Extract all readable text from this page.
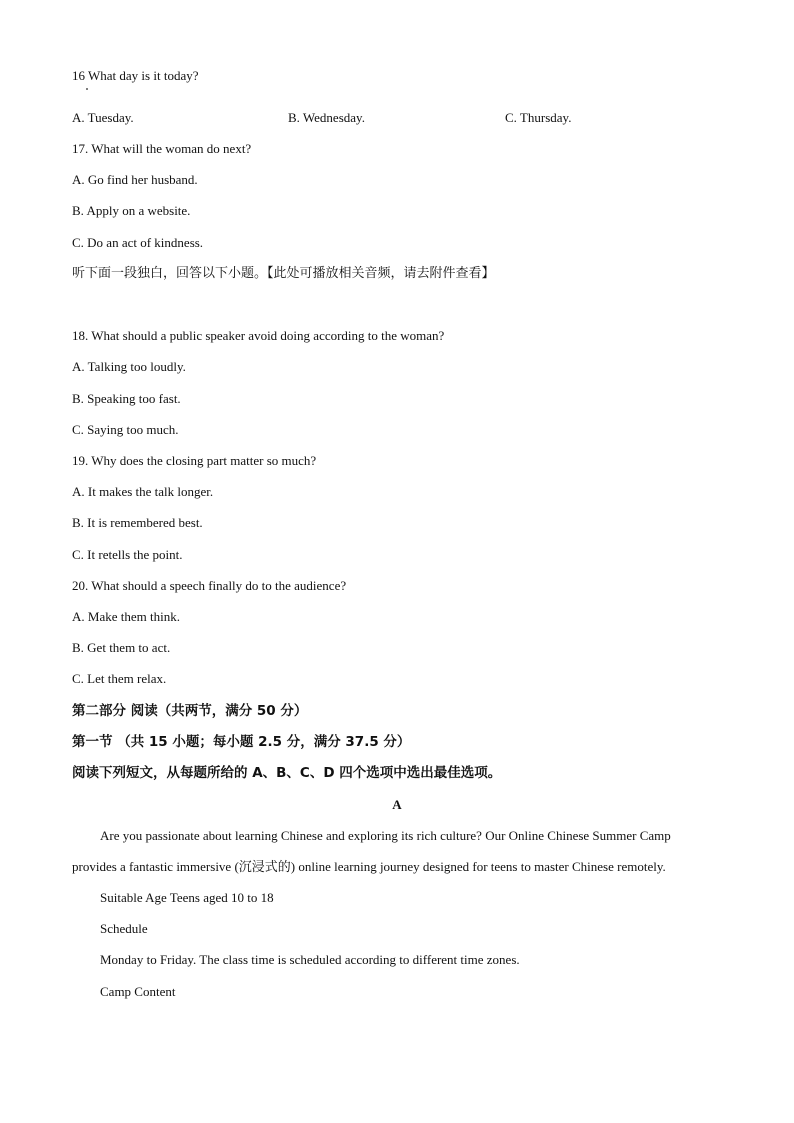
16 What day is it today?
A. Tuesday.	B. Wednesday.	C. Thursday.
17. What will the woman do next?
A. Go find her husband.
B. Apply on a website.
C. Do an act of kindness.
听下面一段独白，回答以下小题。【此处可播放相关音频，请去附件查看】
18. What should a public speaker avoid doing according to the woman?
A. Talking too loudly.
B. Speaking too fast.
C. Saying too much.
19. Why does the closing part matter so much?
A. It makes the talk longer.
B. It is remembered best.
C. It retells the point.
20. What should a speech finally do to the audience?
A. Make them think.
B. Get them to act.
C. Let them relax.
第二部分 阅读（共两节，满分 50 分）
第一节 （共 15 小题；每小题 2.5 分，满分 37.5 分）
阅读下列短文，从每题所给的 A、B、C、D 四个选项中选出最佳选项。
A
Are you passionate about learning Chinese and exploring its rich culture? Our Online Chinese Summer Camp
provides a fantastic immersive (沉浸式的) online learning journey designed for teens to master Chinese remotely.
Suitable Age Teens aged 10 to 18
Schedule
Monday to Friday. The class time is scheduled according to different time zones.
Camp Content
